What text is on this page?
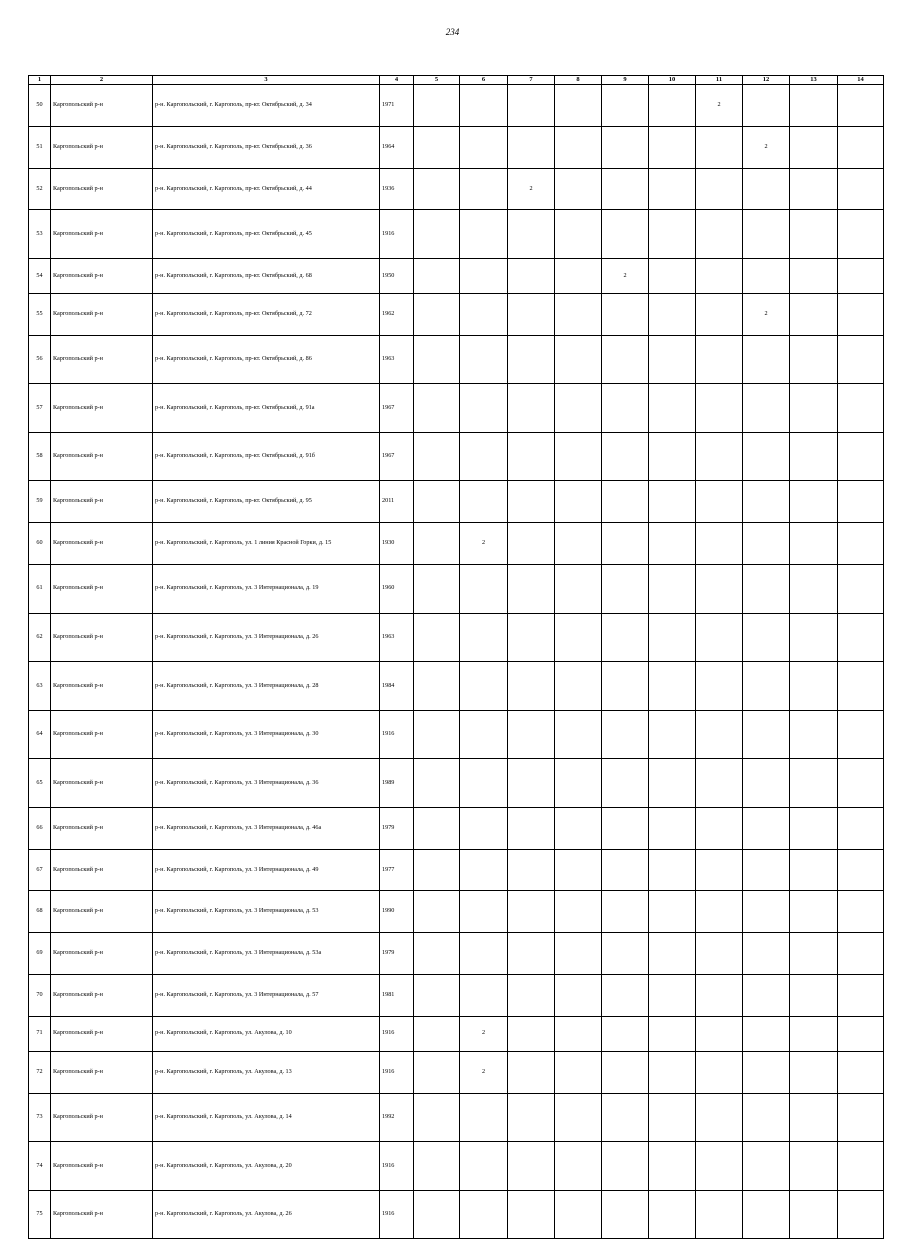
234
1	2	3	4	5	6	7	8	9	10	11	12	13	14	
50	Каргопольский р-н	р-н. Каргопольский, г. Каргополь, пр-кт. Октябрьский, д. 34	1971							2				
51	Каргопольский р-н	р-н. Каргопольский, г. Каргополь, пр-кт. Октябрьский, д. 36	1964								2			
52	Каргопольский р-н	р-н. Каргопольский, г. Каргополь, пр-кт. Октябрьский, д. 44	1936			2								
53	Каргопольский р-н	р-н. Каргопольский, г. Каргополь, пр-кт. Октябрьский, д. 45	1916											
54	Каргопольский р-н	р-н. Каргопольский, г. Каргополь, пр-кт. Октябрьский, д. 68	1950					2						
55	Каргопольский р-н	р-н. Каргопольский, г. Каргополь, пр-кт. Октябрьский, д. 72	1962								2			
56	Каргопольский р-н	р-н. Каргопольский, г. Каргополь, пр-кт. Октябрьский, д. 86	1963											
57	Каргопольский р-н	р-н. Каргопольский, г. Каргополь, пр-кт. Октябрьский, д. 91а	1967											
58	Каргопольский р-н	р-н. Каргопольский, г. Каргополь, пр-кт. Октябрьский, д. 91б	1967											
59	Каргопольский р-н	р-н. Каргопольский, г. Каргополь, пр-кт. Октябрьский, д. 95	2011											
60	Каргопольский р-н	р-н. Каргопольский, г. Каргополь, ул. 1 линия Красной Горки, д. 15	1930		2									
61	Каргопольский р-н	р-н. Каргопольский, г. Каргополь, ул. 3 Интернационала, д. 19	1960											
62	Каргопольский р-н	р-н. Каргопольский, г. Каргополь, ул. 3 Интернационала, д. 26	1963											
63	Каргопольский р-н	р-н. Каргопольский, г. Каргополь, ул. 3 Интернационала, д. 28	1984											
64	Каргопольский р-н	р-н. Каргопольский, г. Каргополь, ул. 3 Интернационала, д. 30	1916											
65	Каргопольский р-н	р-н. Каргопольский, г. Каргополь, ул. 3 Интернационала, д. 36	1989											
66	Каргопольский р-н	р-н. Каргопольский, г. Каргополь, ул. 3 Интернационала, д. 46а	1979											
67	Каргопольский р-н	р-н. Каргопольский, г. Каргополь, ул. 3 Интернационала, д. 49	1977											
68	Каргопольский р-н	р-н. Каргопольский, г. Каргополь, ул. 3 Интернационала, д. 53	1990											
69	Каргопольский р-н	р-н. Каргопольский, г. Каргополь, ул. 3 Интернационала, д. 53а	1979											
70	Каргопольский р-н	р-н. Каргопольский, г. Каргополь, ул. 3 Интернационала, д. 57	1981											
71	Каргопольский р-н	р-н. Каргопольский, г. Каргополь, ул. Акулова, д. 10	1916		2									
72	Каргопольский р-н	р-н. Каргопольский, г. Каргополь, ул. Акулова, д. 13	1916		2									
73	Каргопольский р-н	р-н. Каргопольский, г. Каргополь, ул. Акулова, д. 14	1992											
74	Каргопольский р-н	р-н. Каргопольский, г. Каргополь, ул. Акулова, д. 20	1916											
75	Каргопольский р-н	р-н. Каргопольский, г. Каргополь, ул. Акулова, д. 26	1916											
